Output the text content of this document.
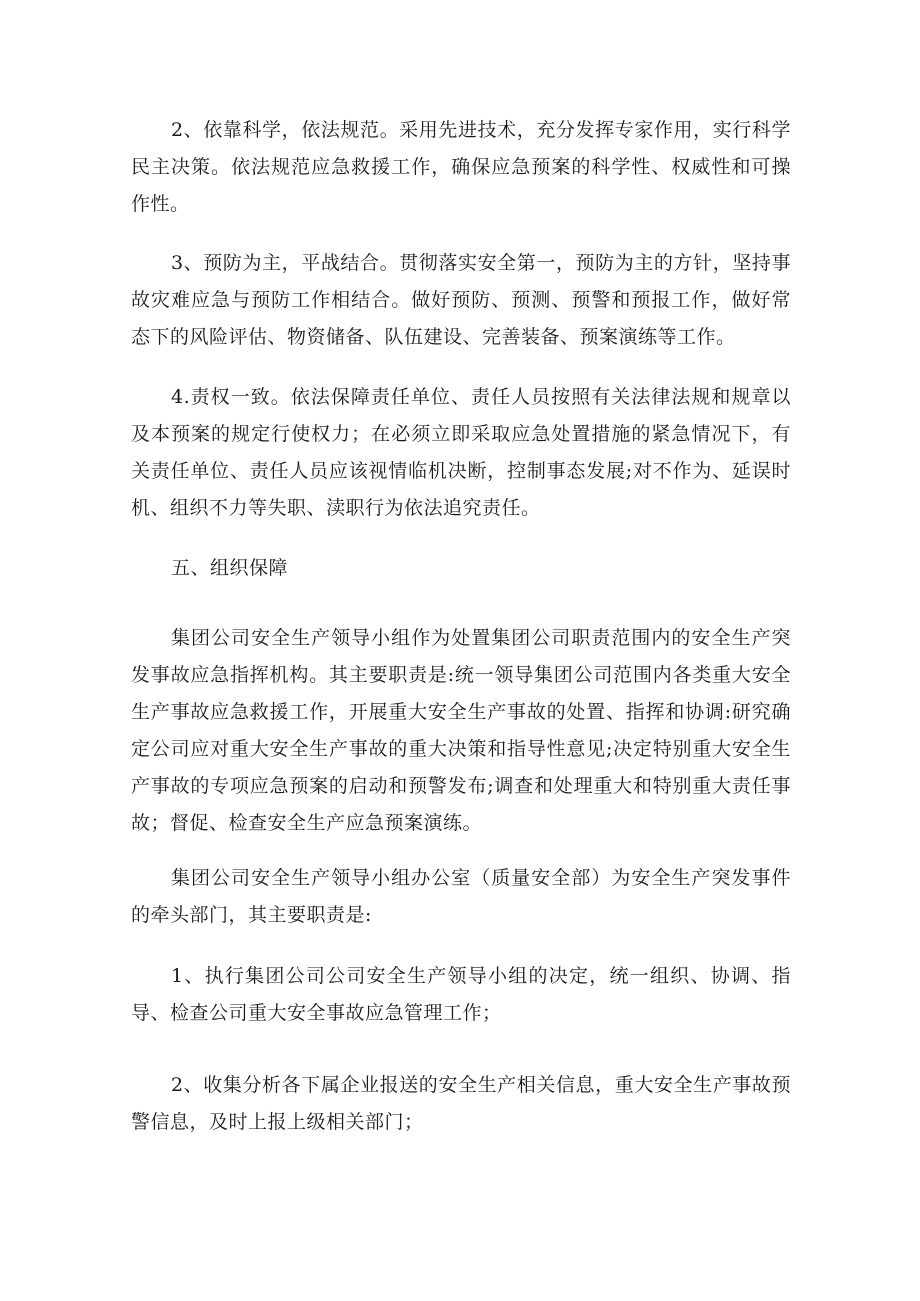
2、依靠科学，依法规范。采用先进技术，充分发挥专家作用，实行科学民主决策。依法规范应急救援工作，确保应急预案的科学性、权威性和可操作性。

3、预防为主，平战结合。贯彻落实安全第一，预防为主的方针，坚持事故灾难应急与预防工作相结合。做好预防、预测、预警和预报工作，做好常态下的风险评估、物资储备、队伍建设、完善装备、预案演练等工作。

4.责权一致。依法保障责任单位、责任人员按照有关法律法规和规章以及本预案的规定行使权力；在必须立即采取应急处置措施的紧急情况下，有关责任单位、责任人员应该视情临机决断，控制事态发展;对不作为、延误时机、组织不力等失职、渎职行为依法追究责任。

五、组织保障

集团公司安全生产领导小组作为处置集团公司职责范围内的安全生产突发事故应急指挥机构。其主要职责是:统一领导集团公司范围内各类重大安全生产事故应急救援工作，开展重大安全生产事故的处置、指挥和协调:研究确定公司应对重大安全生产事故的重大决策和指导性意见;决定特别重大安全生产事故的专项应急预案的启动和预警发布;调查和处理重大和特别重大责任事故；督促、检查安全生产应急预案演练。

集团公司安全生产领导小组办公室（质量安全部）为安全生产突发事件的牵头部门，其主要职责是:

1、执行集团公司公司安全生产领导小组的决定，统一组织、协调、指导、检查公司重大安全事故应急管理工作；

2、收集分析各下属企业报送的安全生产相关信息，重大安全生产事故预警信息，及时上报上级相关部门；
